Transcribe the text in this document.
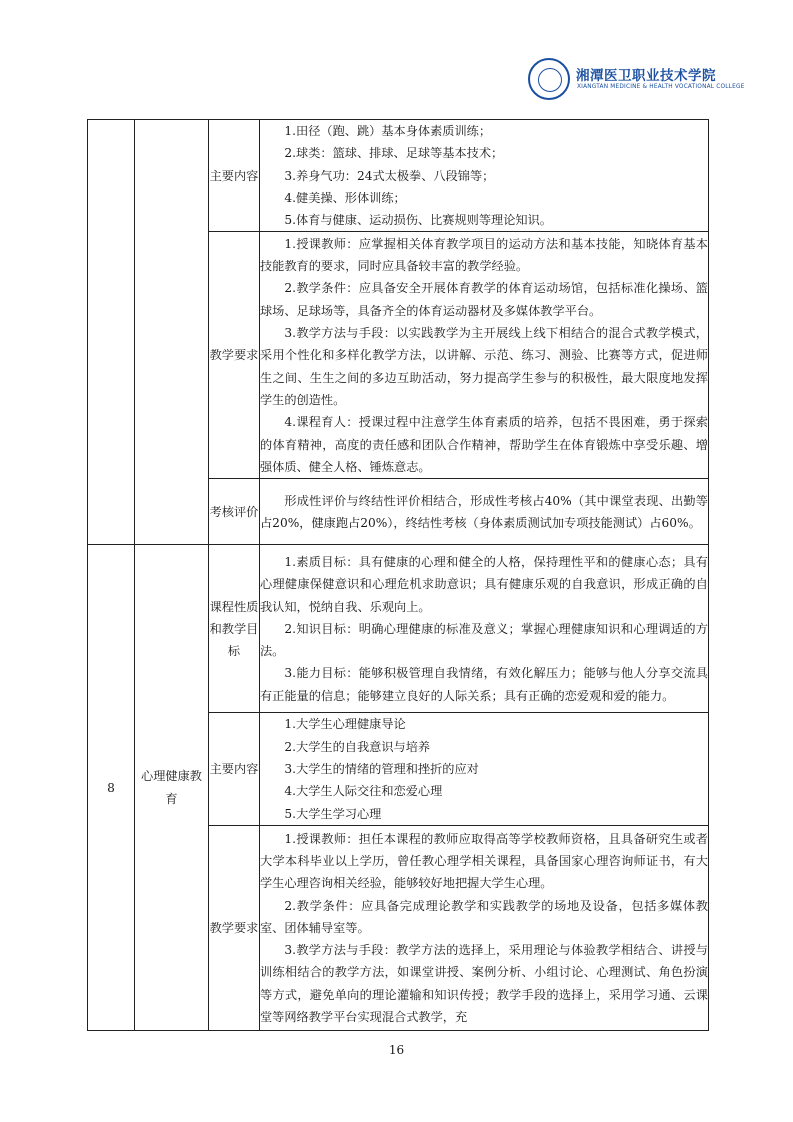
湘潭医卫职业技术学院
XIANGTAN MEDICINE & HEALTH VOCATIONAL COLLEGE
		主要内容	1.田径（跑、跳）基本身体素质训练；

2.球类：篮球、排球、足球等基本技术；

3.养身气功：24式太极拳、八段锦等；

4.健美操、形体训练；

5.体育与健康、运动损伤、比赛规则等理论知识。

		教学要求	1.授课教师：应掌握相关体育教学项目的运动方法和基本技能，知晓体育基本技能教育的要求，同时应具备较丰富的教学经验。

2.教学条件：应具备安全开展体育教学的体育运动场馆，包括标准化操场、篮球场、足球场等，具备齐全的体育运动器材及多媒体教学平台。

3.教学方法与手段：以实践教学为主开展线上线下相结合的混合式教学模式，采用个性化和多样化教学方法，以讲解、示范、练习、测验、比赛等方式，促进师生之间、生生之间的多边互助活动，努力提高学生参与的积极性，最大限度地发挥学生的创造性。

4.课程育人：授课过程中注意学生体育素质的培养，包括不畏困难，勇于探索的体育精神，高度的责任感和团队合作精神，帮助学生在体育锻炼中享受乐趣、增强体质、健全人格、锤炼意志。

		考核评价	形成性评价与终结性评价相结合，形成性考核占40%（其中课堂表现、出勤等占20%，健康跑占20%），终结性考核（身体素质测试加专项技能测试）占60%。

8	心理健康教育	课程性质和教学目标	1.素质目标：具有健康的心理和健全的人格，保持理性平和的健康心态；具有心理健康保健意识和心理危机求助意识；具有健康乐观的自我意识，形成正确的自我认知，悦纳自我、乐观向上。

2.知识目标：明确心理健康的标准及意义；掌握心理健康知识和心理调适的方法。

3.能力目标：能够积极管理自我情绪，有效化解压力；能够与他人分享交流具有正能量的信息；能够建立良好的人际关系；具有正确的恋爱观和爱的能力。

		主要内容	1.大学生心理健康导论

2.大学生的自我意识与培养

3.大学生的情绪的管理和挫折的应对

4.大学生人际交往和恋爱心理

5.大学生学习心理

		教学要求	1.授课教师：担任本课程的教师应取得高等学校教师资格，且具备研究生或者大学本科毕业以上学历，曾任教心理学相关课程，具备国家心理咨询师证书，有大学生心理咨询相关经验，能够较好地把握大学生心理。

2.教学条件：应具备完成理论教学和实践教学的场地及设备，包括多媒体教室、团体辅导室等。

3.教学方法与手段：教学方法的选择上，采用理论与体验教学相结合、讲授与训练相结合的教学方法，如课堂讲授、案例分析、小组讨论、心理测试、角色扮演等方式，避免单向的理论灌输和知识传授；教学手段的选择上，采用学习通、云课堂等网络教学平台实现混合式教学，充

16
